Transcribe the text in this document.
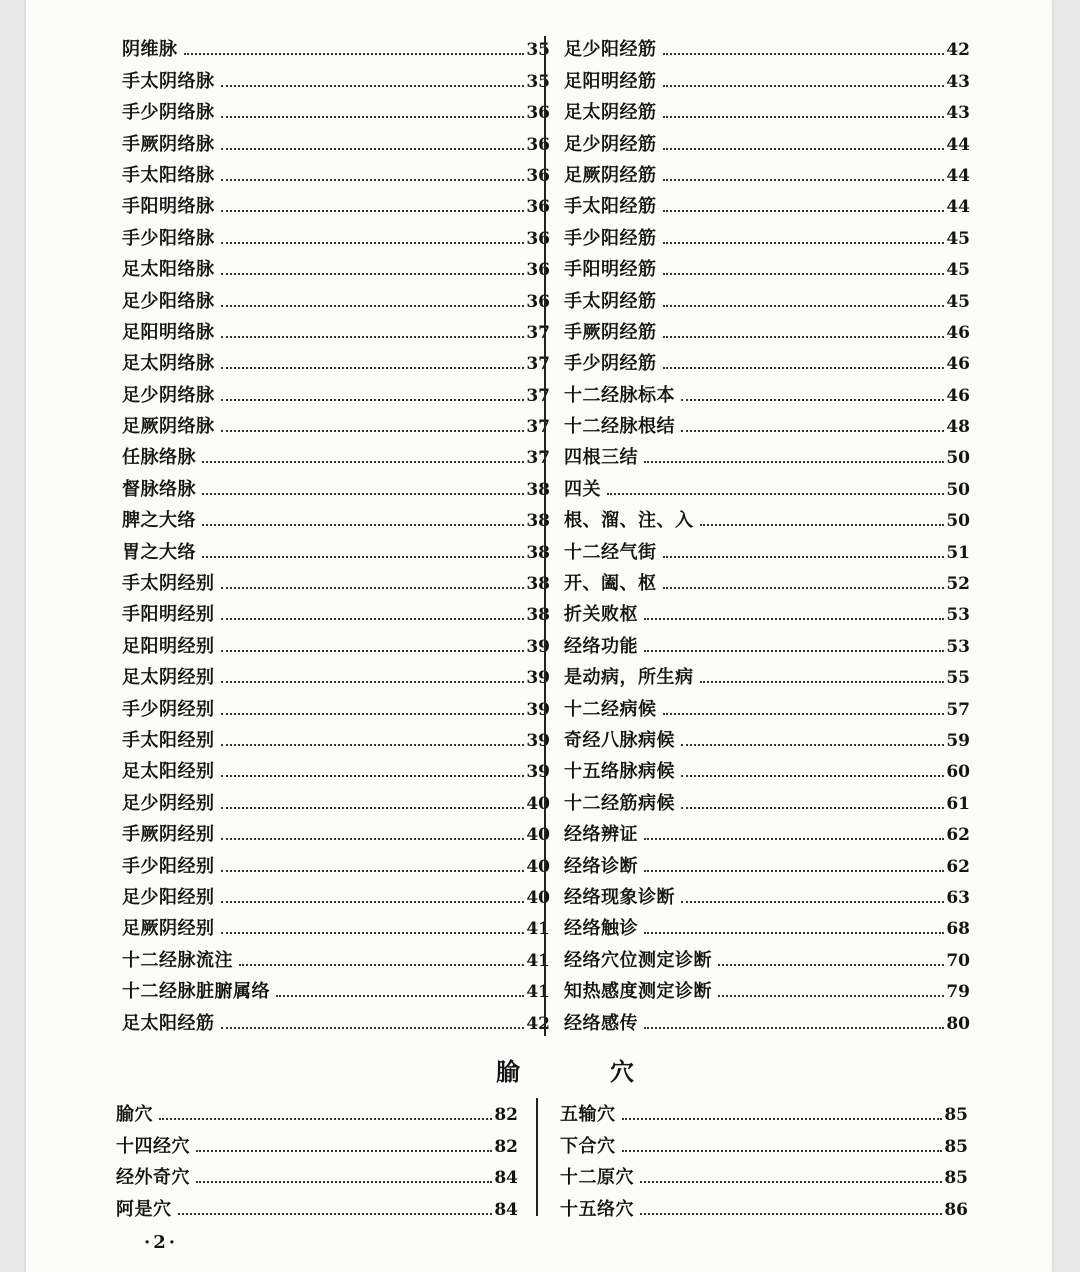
阴维脉	35
手太阴络脉	35
手少阴络脉	36
手厥阴络脉	36
手太阳络脉	36
手阳明络脉	36
手少阳络脉	36
足太阳络脉	36
足少阳络脉	36
足阳明络脉	37
足太阴络脉	37
足少阴络脉	37
足厥阴络脉	37
任脉络脉	37
督脉络脉	38
脾之大络	38
胃之大络	38
手太阴经别	38
手阳明经别	38
足阳明经别	39
足太阴经别	39
手少阴经别	39
手太阳经别	39
足太阳经别	39
足少阴经别	40
手厥阴经别	40
手少阳经别	40
足少阳经别	40
足厥阴经别	41
十二经脉流注	41
十二经脉脏腑属络	41
足太阳经筋	42
足少阳经筋	42
足阳明经筋	43
足太阴经筋	43
足少阴经筋	44
足厥阴经筋	44
手太阳经筋	44
手少阳经筋	45
手阳明经筋	45
手太阴经筋	45
手厥阴经筋	46
手少阴经筋	46
十二经脉标本	46
十二经脉根结	48
四根三结	50
四关	50
根、溜、注、入	50
十二经气街	51
开、阖、枢	52
折关败枢	53
经络功能	53
是动病，所生病	55
十二经病候	57
奇经八脉病候	59
十五络脉病候	60
十二经筋病候	61
经络辨证	62
经络诊断	62
经络现象诊断	63
经络触诊	68
经络穴位测定诊断	70
知热感度测定诊断	79
经络感传	80
腧	穴
腧穴	82
十四经穴	82
经外奇穴	84
阿是穴	84
五输穴	85
下合穴	85
十二原穴	85
十五络穴	86
·2·
